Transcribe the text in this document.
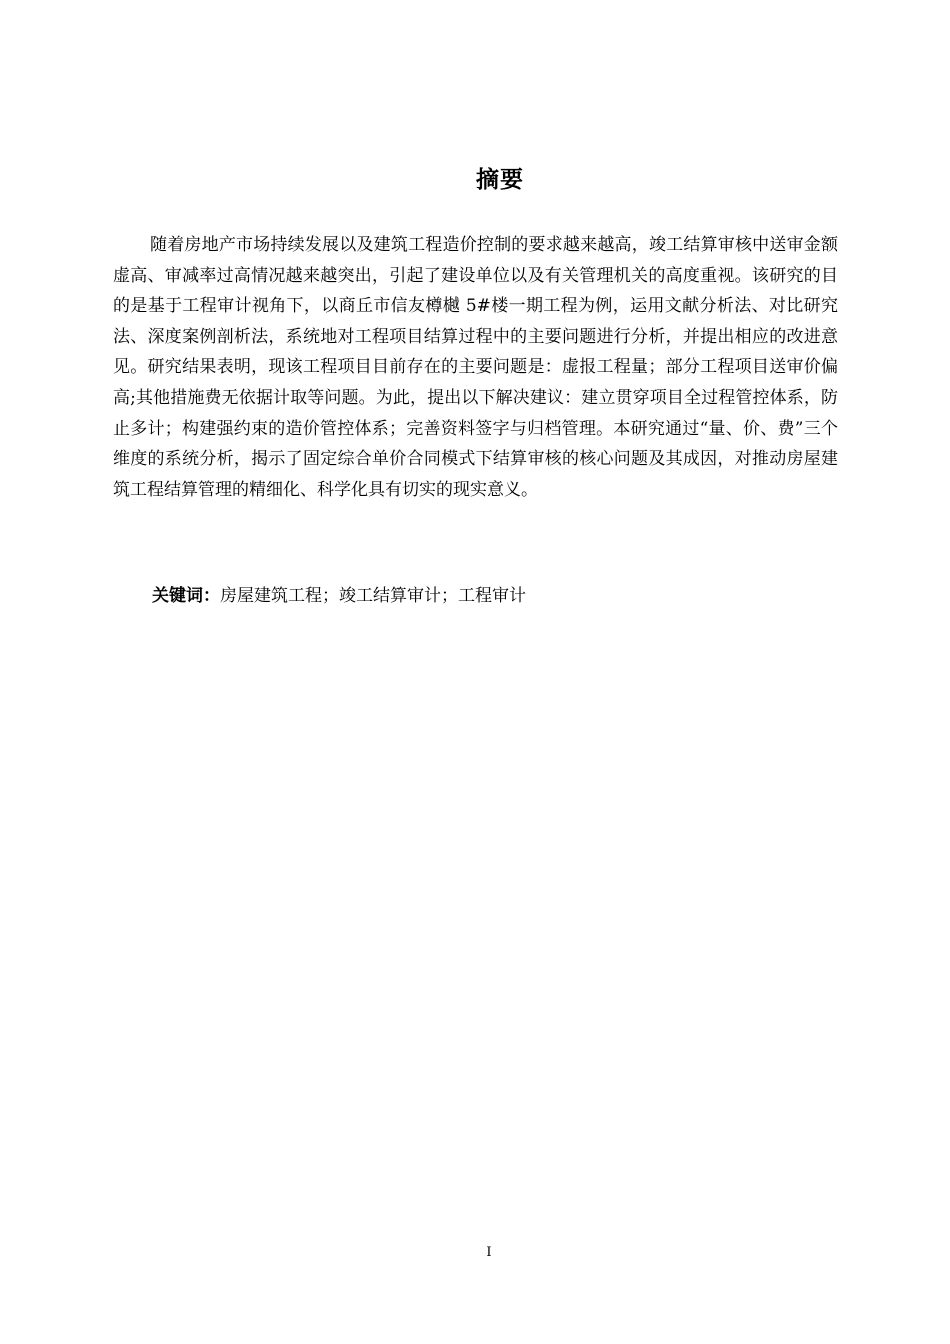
摘要

随着房地产市场持续发展以及建筑工程造价控制的要求越来越高，竣工结算审核中送审金额虚高、审减率过高情况越来越突出，引起了建设单位以及有关管理机关的高度重视。该研究的目的是基于工程审计视角下，以商丘市信友樽樾 5#楼一期工程为例，运用文献分析法、对比研究法、深度案例剖析法，系统地对工程项目结算过程中的主要问题进行分析，并提出相应的改进意见。研究结果表明，现该工程项目目前存在的主要问题是：虚报工程量；部分工程项目送审价偏高;其他措施费无依据计取等问题。为此，提出以下解决建议：建立贯穿项目全过程管控体系，防止多计；构建强约束的造价管控体系；完善资料签字与归档管理。本研究通过“量、价、费”三个维度的系统分析，揭示了固定综合单价合同模式下结算审核的核心问题及其成因，对推动房屋建筑工程结算管理的精细化、科学化具有切实的现实意义。

关键词：房屋建筑工程；竣工结算审计；工程审计

I
